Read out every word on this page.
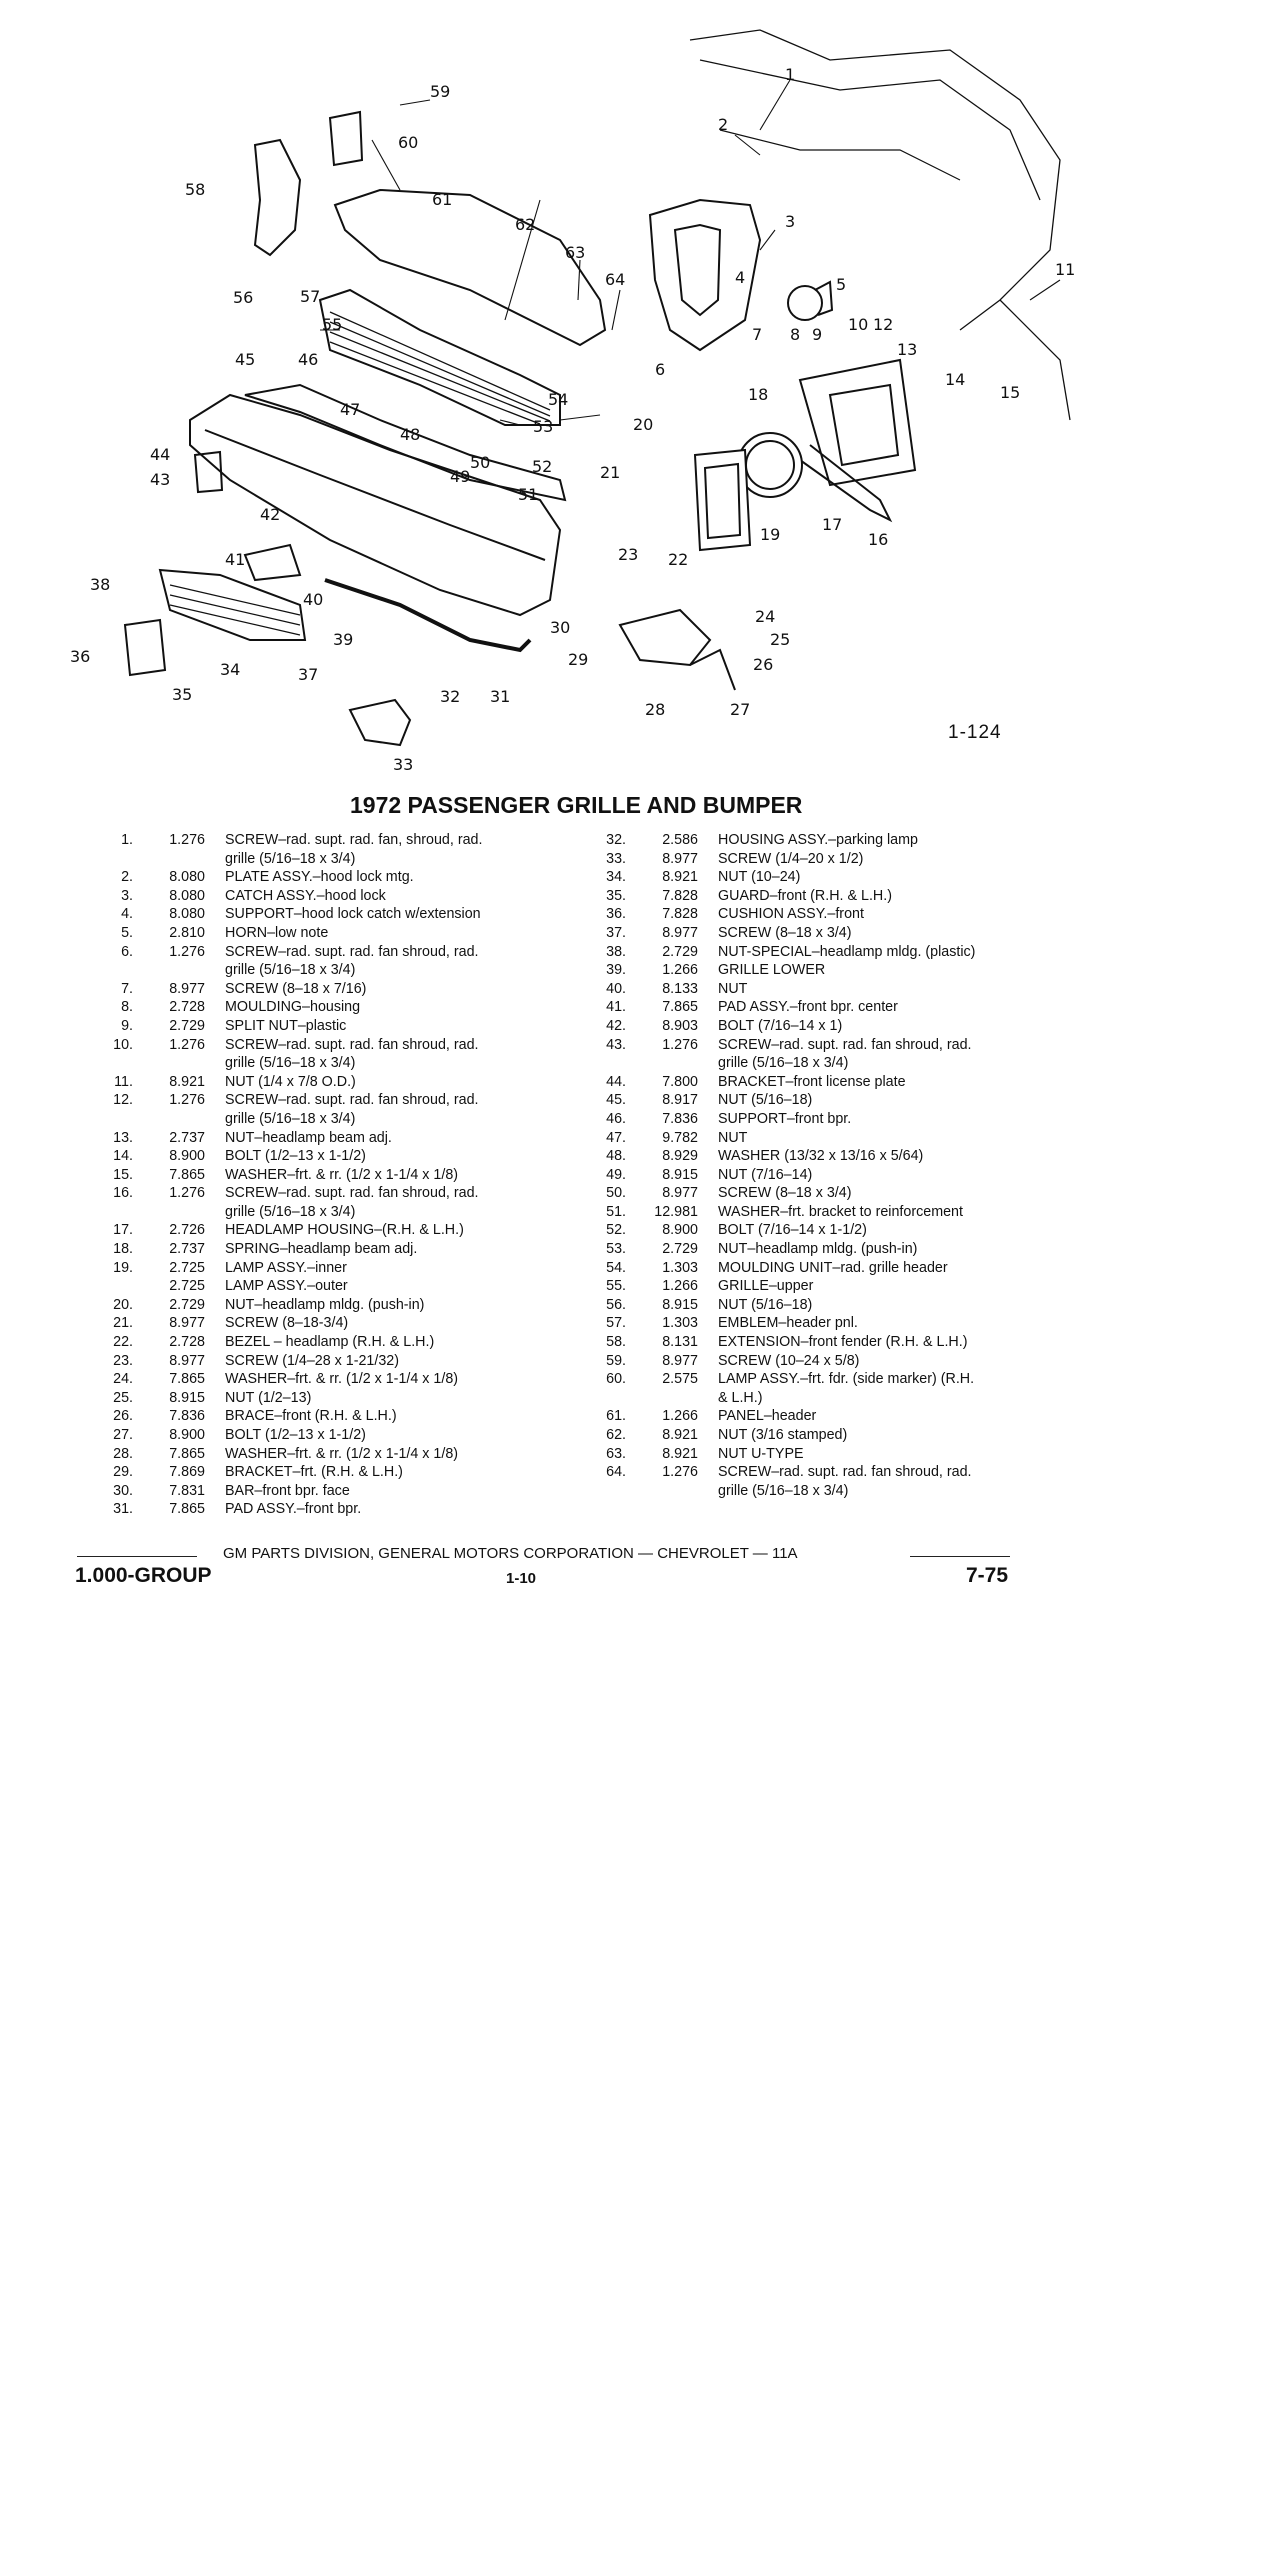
1
2
3
4	5
6
7 8 9
10
11
12
13
14
15
16
17
18
19
20
21
22
23
24
25
26
27
28
29
30
31
32
33
34
35
36
37
38
39
40
41
42
43
44
45	46
47
48
49
50
51
52
53
54
55
56	57
58
59
60
61
62
63
64
1-124
1972 PASSENGER GRILLE AND BUMPER
1.	1.276	SCREW–rad. supt. rad. fan, shroud, rad.
grille (5/16–18 x 3/4)
2.	8.080	PLATE ASSY.–hood lock mtg.
3.	8.080	CATCH ASSY.–hood lock
4.	8.080	SUPPORT–hood lock catch w/extension
5.	2.810	HORN–low note
6.	1.276	SCREW–rad. supt. rad. fan shroud, rad.
grille (5/16–18 x 3/4)
7.	8.977	SCREW (8–18 x 7/16)
8.	2.728	MOULDING–housing
9.	2.729	SPLIT NUT–plastic
10.	1.276	SCREW–rad. supt. rad. fan shroud, rad.
grille (5/16–18 x 3/4)
11.	8.921	NUT (1/4 x 7/8 O.D.)
12.	1.276	SCREW–rad. supt. rad. fan shroud, rad.
grille (5/16–18 x 3/4)
13.	2.737	NUT–headlamp beam adj.
14.	8.900	BOLT (1/2–13 x 1-1/2)
15.	7.865	WASHER–frt. & rr. (1/2 x 1-1/4 x 1/8)
16.	1.276	SCREW–rad. supt. rad. fan shroud, rad.
grille (5/16–18 x 3/4)
17.	2.726	HEADLAMP HOUSING–(R.H. & L.H.)
18.	2.737	SPRING–headlamp beam adj.
19.	2.725	LAMP ASSY.–inner
2.725	LAMP ASSY.–outer
20.	2.729	NUT–headlamp mldg. (push-in)
21.	8.977	SCREW (8–18-3/4)
22.	2.728	BEZEL – headlamp (R.H. & L.H.)
23.	8.977	SCREW (1/4–28 x 1-21/32)
24.	7.865	WASHER–frt. & rr. (1/2 x 1-1/4 x 1/8)
25.	8.915	NUT (1/2–13)
26.	7.836	BRACE–front (R.H. & L.H.)
27.	8.900	BOLT (1/2–13 x 1-1/2)
28.	7.865	WASHER–frt. & rr. (1/2 x 1-1/4 x 1/8)
29.	7.869	BRACKET–frt. (R.H. & L.H.)
30.	7.831	BAR–front bpr. face
31.	7.865	PAD ASSY.–front bpr.
32.	2.586	HOUSING ASSY.–parking lamp
33.	8.977	SCREW (1/4–20 x 1/2)
34.	8.921	NUT (10–24)
35.	7.828	GUARD–front (R.H. & L.H.)
36.	7.828	CUSHION ASSY.–front
37.	8.977	SCREW (8–18 x 3/4)
38.	2.729	NUT-SPECIAL–headlamp mldg. (plastic)
39.	1.266	GRILLE LOWER
40.	8.133	NUT
41.	7.865	PAD ASSY.–front bpr. center
42.	8.903	BOLT (7/16–14 x 1)
43.	1.276	SCREW–rad. supt. rad. fan shroud, rad.
grille (5/16–18 x 3/4)
44.	7.800	BRACKET–front license plate
45.	8.917	NUT (5/16–18)
46.	7.836	SUPPORT–front bpr.
47.	9.782	NUT
48.	8.929	WASHER (13/32 x 13/16 x 5/64)
49.	8.915	NUT (7/16–14)
50.	8.977	SCREW (8–18 x 3/4)
51.	12.981	WASHER–frt. bracket to reinforcement
52.	8.900	BOLT (7/16–14 x 1-1/2)
53.	2.729	NUT–headlamp mldg. (push-in)
54.	1.303	MOULDING UNIT–rad. grille header
55.	1.266	GRILLE–upper
56.	8.915	NUT (5/16–18)
57.	1.303	EMBLEM–header pnl.
58.	8.131	EXTENSION–front fender (R.H. & L.H.)
59.	8.977	SCREW (10–24 x 5/8)
60.	2.575	LAMP ASSY.–frt. fdr. (side marker) (R.H.
& L.H.)
61.	1.266	PANEL–header
62.	8.921	NUT (3/16 stamped)
63.	8.921	NUT U-TYPE
64.	1.276	SCREW–rad. supt. rad. fan shroud, rad.
grille (5/16–18 x 3/4)
GM PARTS DIVISION, GENERAL MOTORS CORPORATION — CHEVROLET — 11A
1.000-GROUP	1-10	7-75
